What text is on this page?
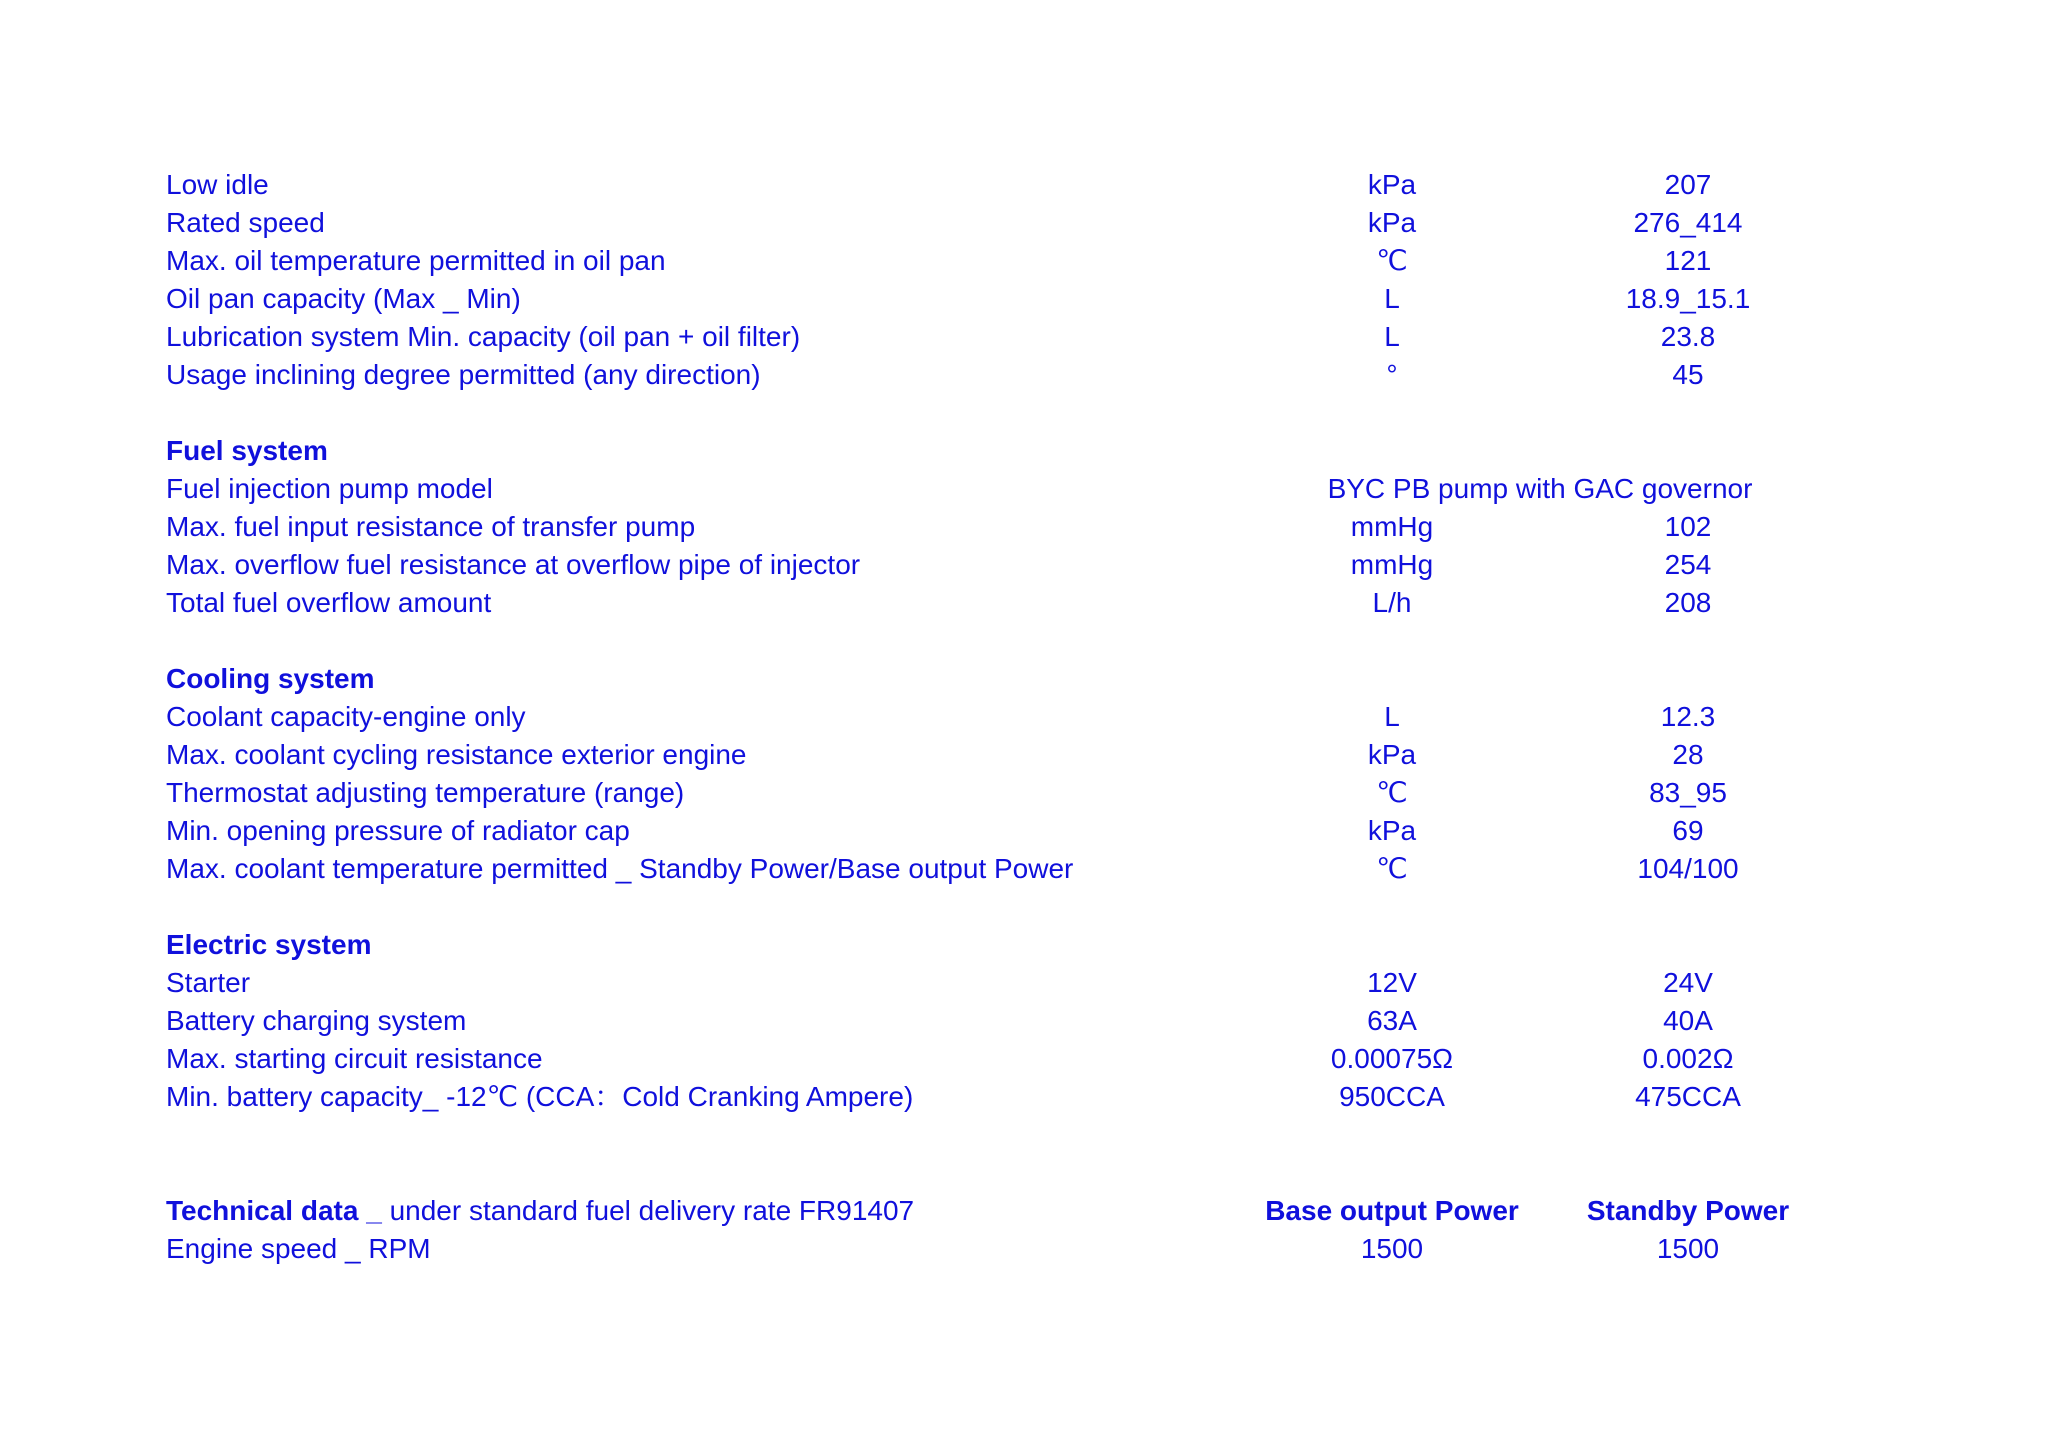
Low idle	kPa	207
Rated speed	kPa	276_414
Max. oil temperature permitted in oil pan	℃	121
Oil pan capacity (Max _ Min)	L	18.9_15.1
Lubrication system Min. capacity (oil pan + oil filter)	L	23.8
Usage inclining degree permitted (any direction)	°	45
Fuel system
Fuel injection pump model	BYC PB pump with GAC governor
Max. fuel input resistance of transfer pump	mmHg	102
Max. overflow fuel resistance at overflow pipe of injector	mmHg	254
Total fuel overflow amount	L/h	208
Cooling system
Coolant capacity-engine only	L	12.3
Max. coolant cycling resistance exterior engine	kPa	28
Thermostat adjusting temperature (range)	℃	83_95
Min. opening pressure of radiator cap	kPa	69
Max. coolant temperature permitted _ Standby Power/Base output Power	℃	104/100
Electric system
Starter	12V	24V
Battery charging system	63A	40A
Max. starting circuit resistance	0.00075Ω	0.002Ω
Min. battery capacity_ -12℃ (CCA：Cold Cranking Ampere)	950CCA	475CCA
Technical data _ under standard fuel delivery rate FR91407	Base output Power	Standby Power
Engine speed _ RPM	1500	1500
